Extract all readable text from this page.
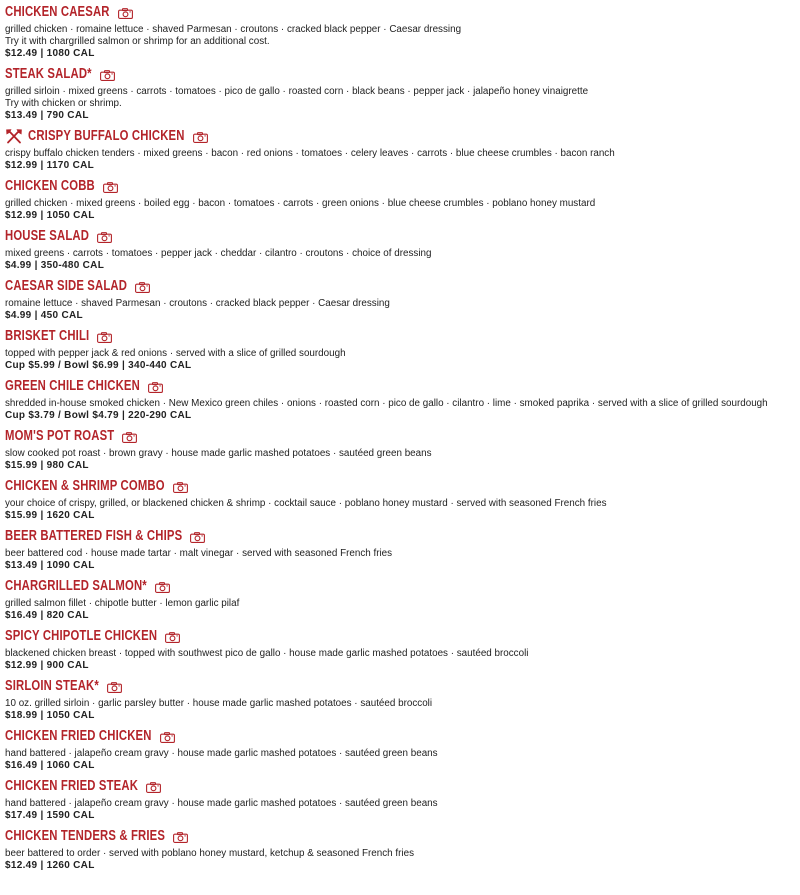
CHICKEN CAESAR
grilled chicken · romaine lettuce · shaved Parmesan · croutons · cracked black pepper · Caesar dressing
Try it with chargrilled salmon or shrimp for an additional cost.
$12.49 | 1080 CAL
STEAK SALAD*
grilled sirloin · mixed greens · carrots · tomatoes · pico de gallo · roasted corn · black beans · pepper jack · jalapeño honey vinaigrette
Try with chicken or shrimp.
$13.49 | 790 CAL
CRISPY BUFFALO CHICKEN
crispy buffalo chicken tenders · mixed greens · bacon · red onions · tomatoes · celery leaves · carrots · blue cheese crumbles · bacon ranch
$12.99 | 1170 CAL
CHICKEN COBB
grilled chicken · mixed greens · boiled egg · bacon · tomatoes · carrots · green onions · blue cheese crumbles · poblano honey mustard
$12.99 | 1050 CAL
HOUSE SALAD
mixed greens · carrots · tomatoes · pepper jack · cheddar · cilantro · croutons · choice of dressing
$4.99 | 350-480 CAL
CAESAR SIDE SALAD
romaine lettuce · shaved Parmesan · croutons · cracked black pepper · Caesar dressing
$4.99 | 450 CAL
BRISKET CHILI
topped with pepper jack & red onions · served with a slice of grilled sourdough
Cup $5.99 / Bowl $6.99 | 340-440 CAL
GREEN CHILE CHICKEN
shredded in-house smoked chicken · New Mexico green chiles · onions · roasted corn · pico de gallo · cilantro · lime · smoked paprika · served with a slice of grilled sourdough
Cup $3.79 / Bowl $4.79 | 220-290 CAL
MOM'S POT ROAST
slow cooked pot roast · brown gravy · house made garlic mashed potatoes · sautéed green beans
$15.99 | 980 CAL
CHICKEN & SHRIMP COMBO
your choice of crispy, grilled, or blackened chicken & shrimp · cocktail sauce · poblano honey mustard · served with seasoned French fries
$15.99 | 1620 CAL
BEER BATTERED FISH & CHIPS
beer battered cod · house made tartar · malt vinegar · served with seasoned French fries
$13.49 | 1090 CAL
CHARGRILLED SALMON*
grilled salmon fillet · chipotle butter · lemon garlic pilaf
$16.49 | 820 CAL
SPICY CHIPOTLE CHICKEN
blackened chicken breast · topped with southwest pico de gallo · house made garlic mashed potatoes · sautéed broccoli
$12.99 | 900 CAL
SIRLOIN STEAK*
10 oz. grilled sirloin · garlic parsley butter · house made garlic mashed potatoes · sautéed broccoli
$18.99 | 1050 CAL
CHICKEN FRIED CHICKEN
hand battered · jalapeño cream gravy · house made garlic mashed potatoes · sautéed green beans
$16.49 | 1060 CAL
CHICKEN FRIED STEAK
hand battered · jalapeño cream gravy · house made garlic mashed potatoes · sautéed green beans
$17.49 | 1590 CAL
CHICKEN TENDERS & FRIES
beer battered to order · served with poblano honey mustard, ketchup & seasoned French fries
$12.49 | 1260 CAL
